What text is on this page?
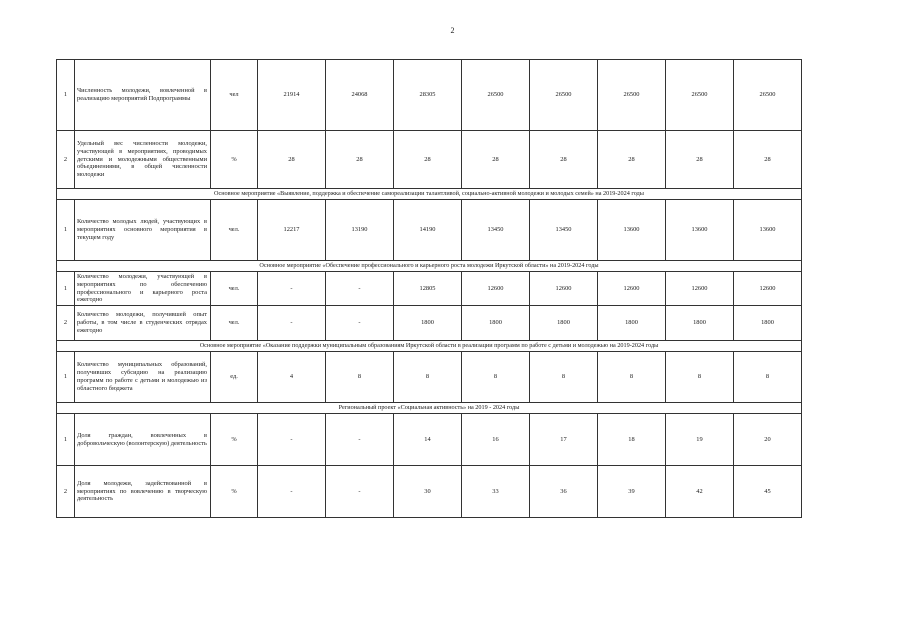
2
1	Численность молодежи, вовлеченной в реализацию мероприятий Подпрограммы	чел	21914	24068	28305	26500	26500	26500	26500	26500
2	Удельный вес численности молодежи, участвующей в мероприятиях, проводимых детскими и молодежными общественными объединениями, в общей численности молодежи	%	28	28	28	28	28	28	28	28
Основное мероприятие «Выявление, поддержка и обеспечение самореализации талантливой, социально-активной молодежи и молодых семей» на 2019-2024 годы										
1	Количество молодых людей, участвующих в мероприятиях основного мероприятия в текущем году	чел.	12217	13190	14190	13450	13450	13600	13600	13600
Основное мероприятие «Обеспечение профессионального и карьерного роста молодежи Иркутской области» на 2019-2024 годы										
1	Количество молодежи, участвующей в мероприятиях по обеспечению профессионального и карьерного роста ежегодно	чел.	-	-	12805	12600	12600	12600	12600	12600
2	Количество молодежи, получившей опыт работы, в том числе в студенческих отрядах ежегодно	чел.	-	-	1800	1800	1800	1800	1800	1800
Основное мероприятие «Оказание поддержки муниципальным образованиям Иркутской области в реализации программ по работе с детьми и молодежью на 2019-2024 годы										
1	Количество муниципальных образований, получивших субсидию на реализацию программ по работе с детьми и молодежью из областного бюджета	ед.	4	8	8	8	8	8	8	8
Региональный проект «Социальная активность» на 2019 - 2024 годы										
1	Доля граждан, вовлеченных в добровольческую (волонтерскую) деятельность	%	-	-	14	16	17	18	19	20
2	Доля молодежи, задействованной в мероприятиях по вовлечению в творческую деятельность	%	-	-	30	33	36	39	42	45
